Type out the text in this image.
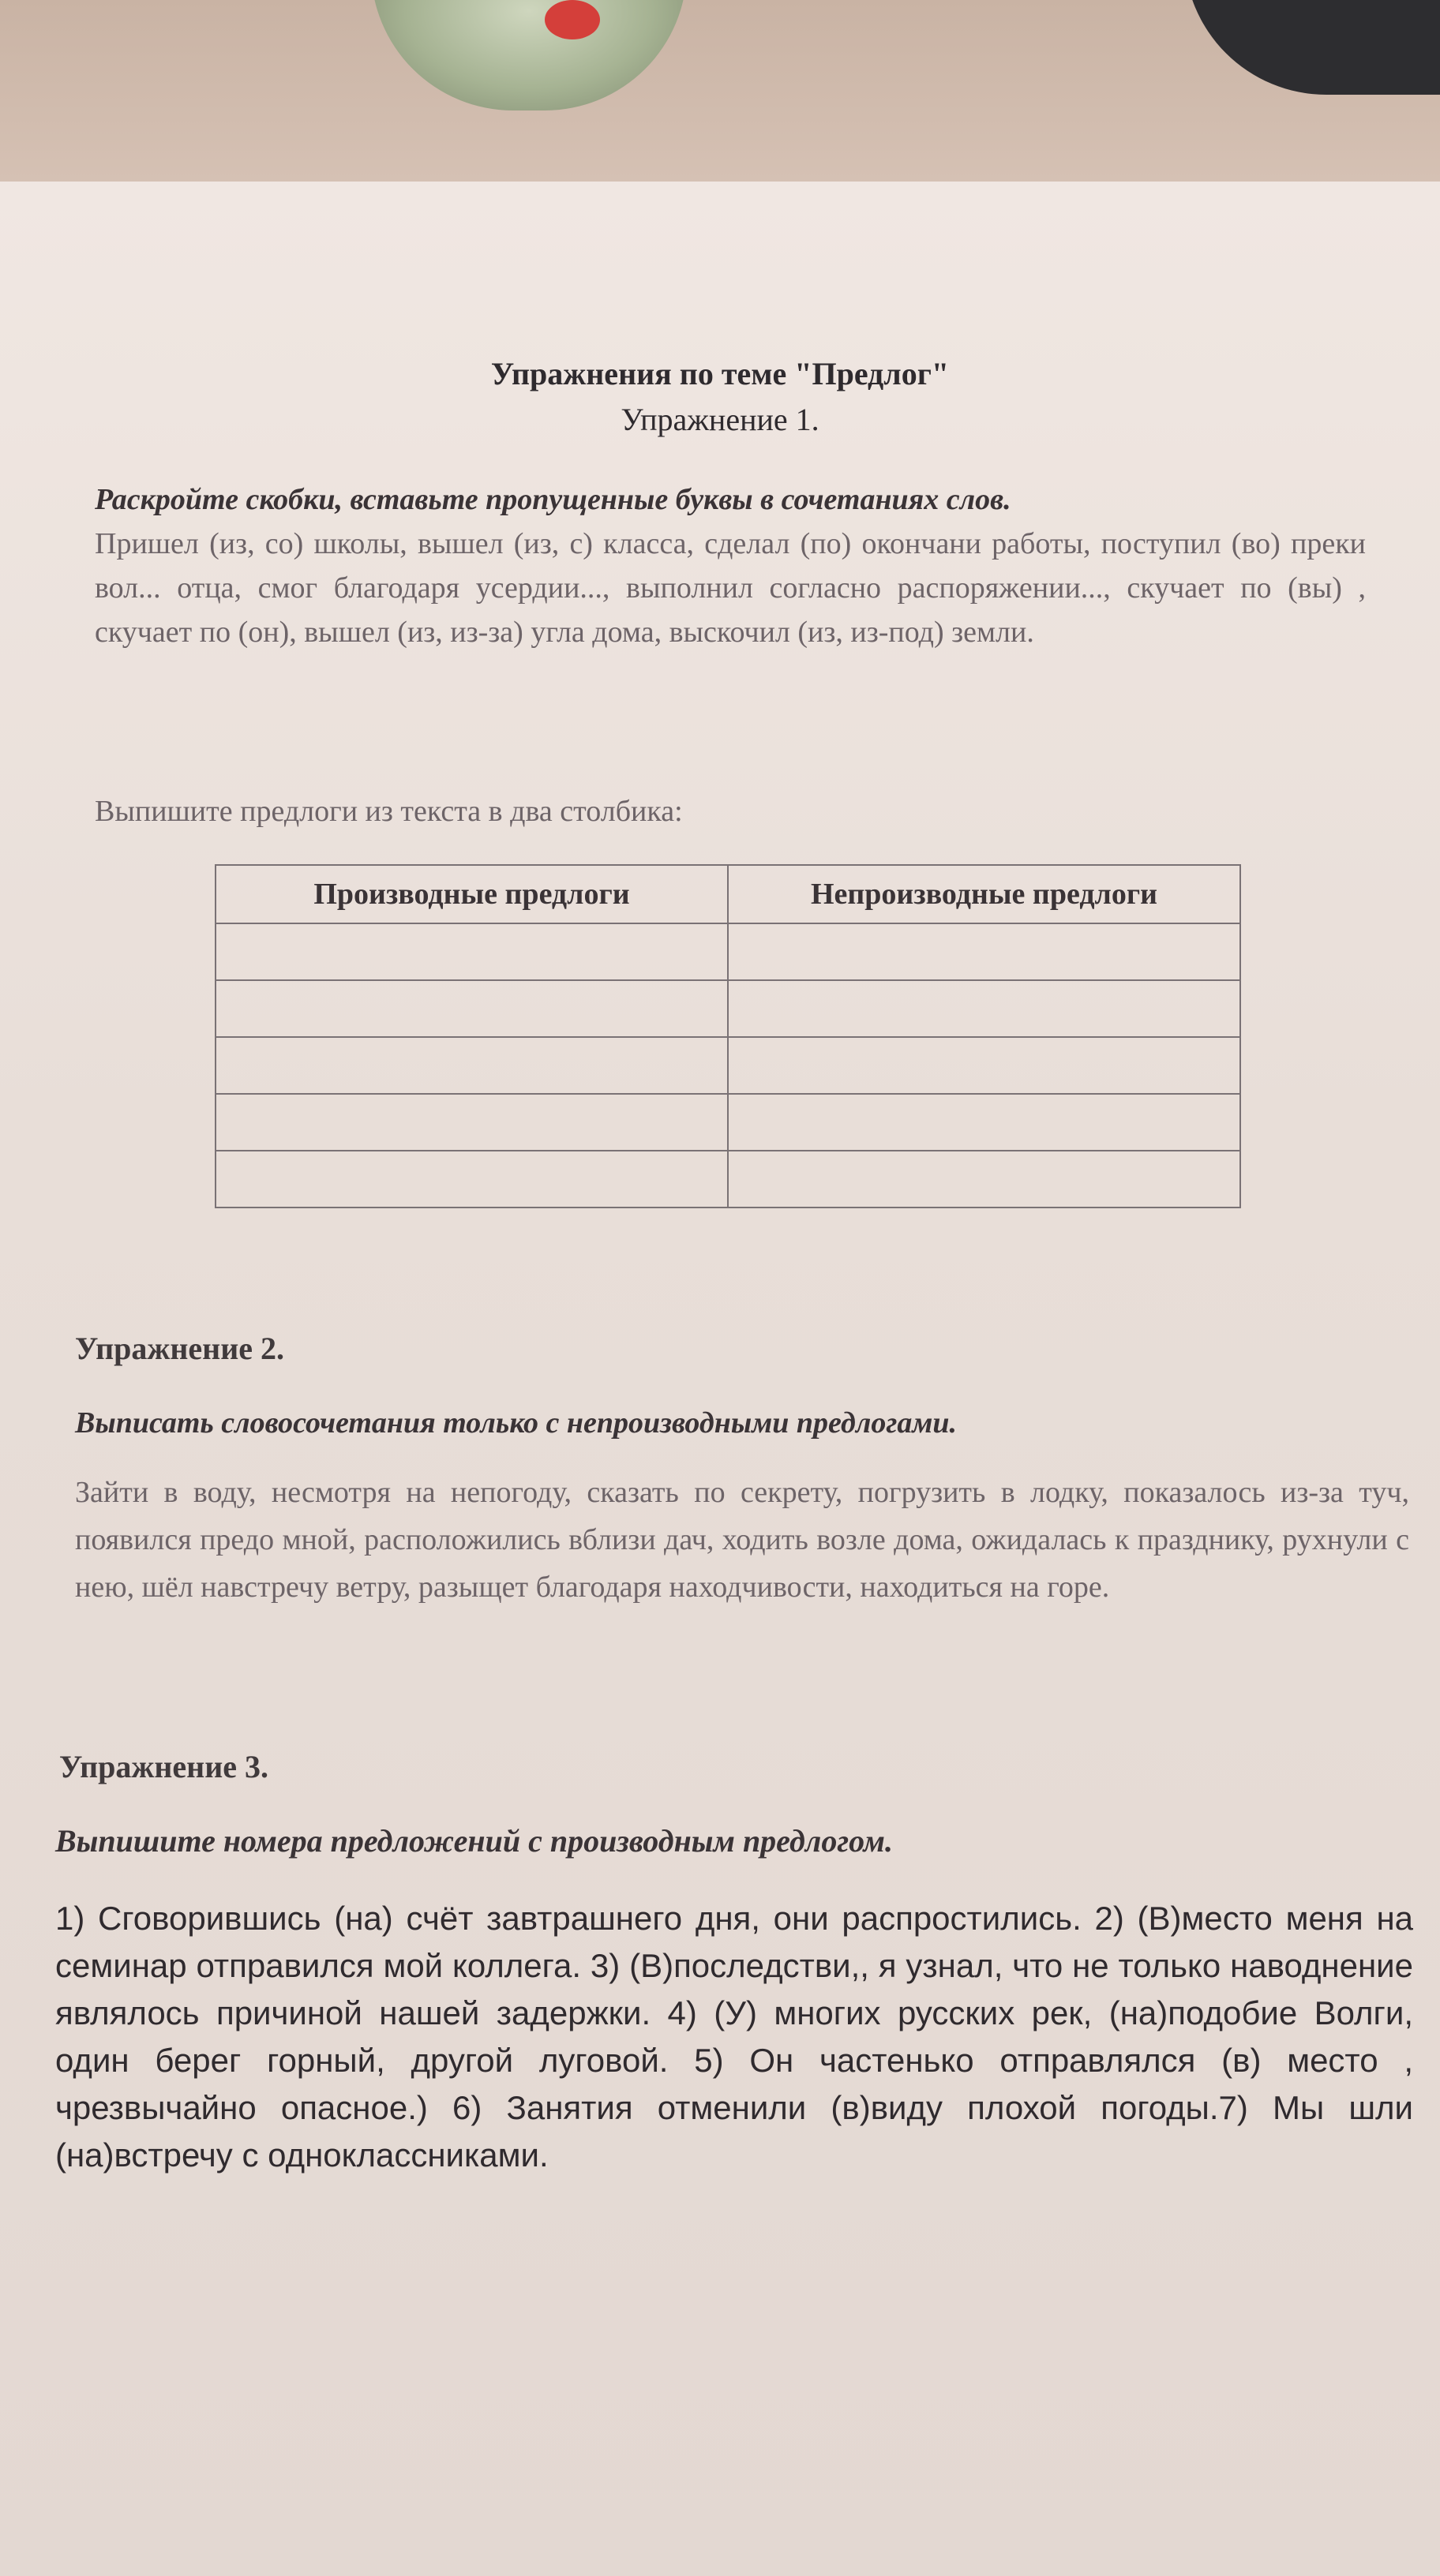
Упражнения по теме "Предлог"
Упражнение 1.
Раскройте скобки, вставьте пропущенные буквы в сочетаниях слов.
Пришел (из, со) школы, вышел (из, с) класса, сделал (по) окончани работы, поступил (во) преки вол... отца, смог благодаря усердии..., выполнил согласно распоряжении..., скучает по (вы) , скучает по (он), вышел (из, из-за) угла дома, выскочил (из, из-под) земли.
Выпишите предлоги из текста в два столбика:
Производные предлоги	Непроизводные предлоги

Упражнение 2.
Выписать словосочетания только с непроизводными предлогами.
Зайти в воду, несмотря на непогоду, сказать по секрету, погрузить в лодку, показалось из-за туч, появился предо мной, расположились вблизи дач, ходить возле дома, ожидалась к празднику, рухнули с нею, шёл навстречу ветру, разыщет благодаря находчивости, находиться на горе.
Упражнение 3.
Выпишите номера предложений с производным предлогом.
1) Сговорившись (на) счёт завтрашнего дня, они распростились. 2) (В)место меня на семинар отправился мой коллега. 3) (В)последстви,, я узнал, что не только наводнение являлось причиной нашей задержки. 4) (У) многих русских рек, (на)подобие Волги, один берег горный, другой луговой. 5) Он частенько отправлялся (в) место , чрезвычайно опасное.) 6) Занятия отменили (в)виду плохой погоды.7) Мы шли (на)встречу с одноклассниками.
